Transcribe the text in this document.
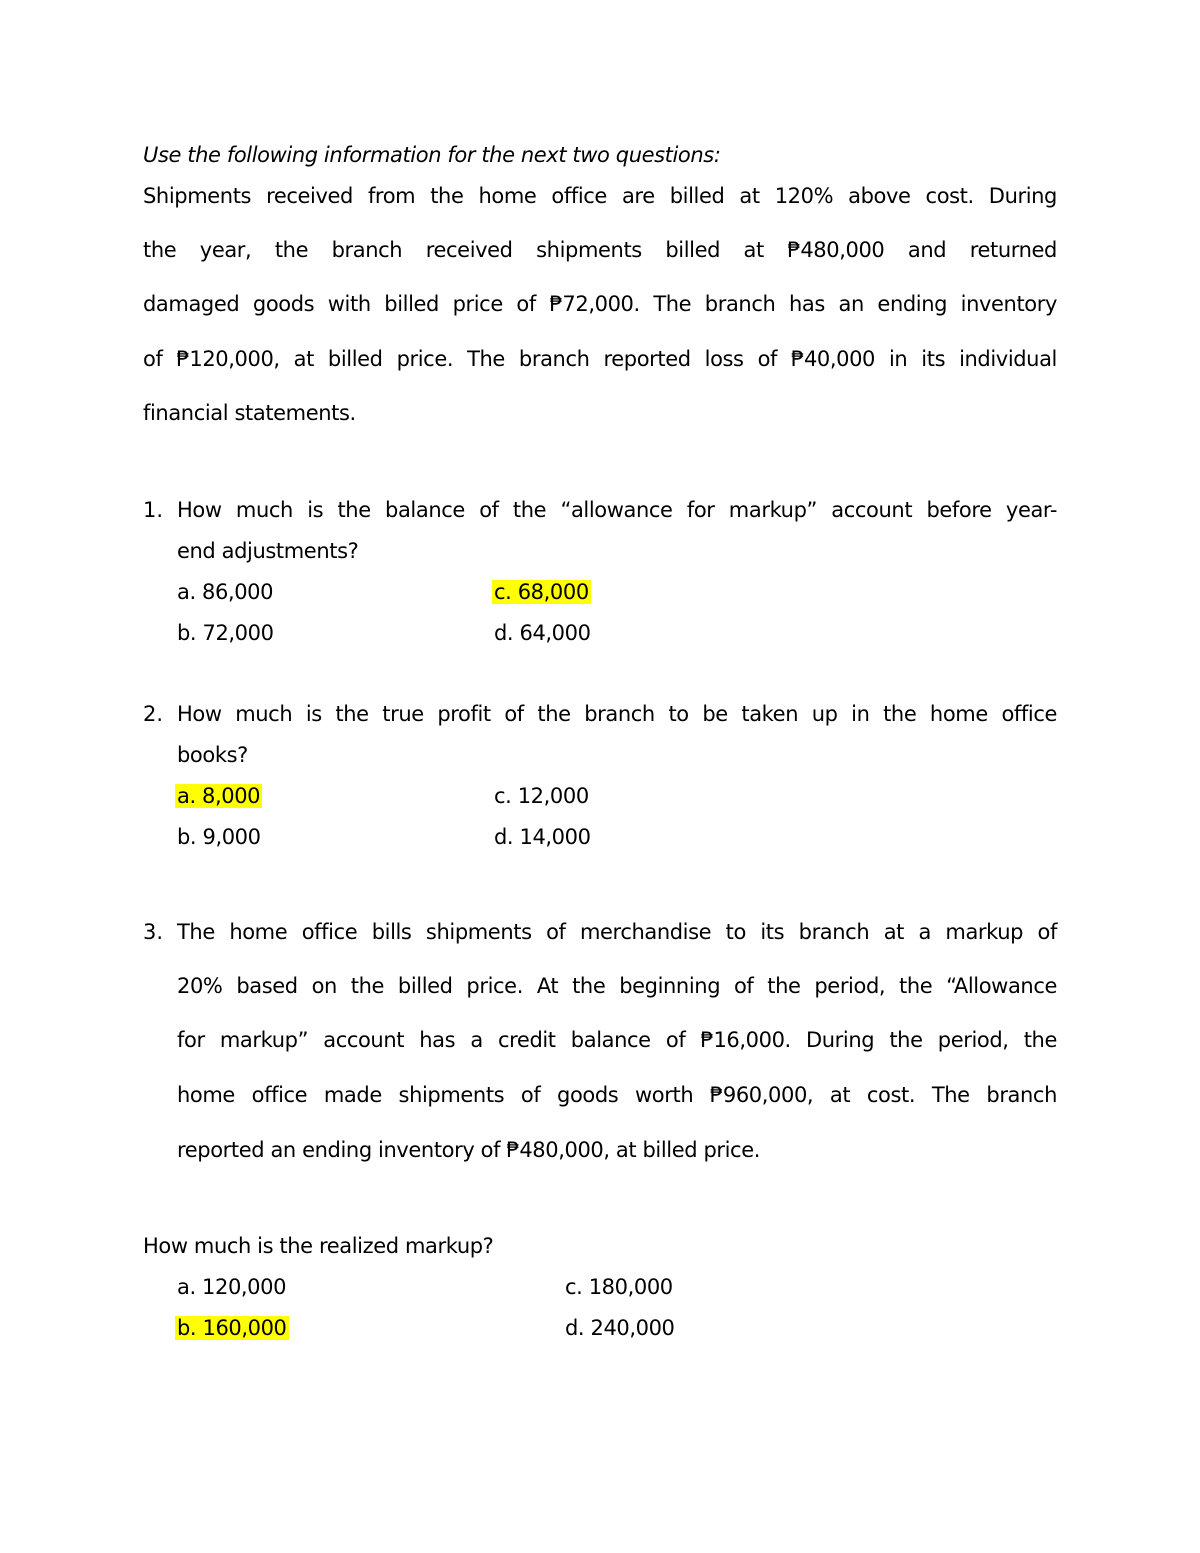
Use the following information for the next two questions:

Shipments received from the home office are billed at 120% above cost. During

the year, the branch received shipments billed at ₱480,000 and returned

damaged goods with billed price of ₱72,000. The branch has an ending inventory

of ₱120,000, at billed price. The branch reported loss of ₱40,000 in its individual

financial statements.

1. How much is the balance of the “allowance for markup” account before year-

end adjustments?

a. 86,000	c. 68,000

b. 72,000	d. 64,000

2. How much is the true profit of the branch to be taken up in the home office

books?

a. 8,000	c. 12,000

b. 9,000	d. 14,000

3. The home office bills shipments of merchandise to its branch at a markup of

20% based on the billed price. At the beginning of the period, the “Allowance

for markup” account has a credit balance of ₱16,000. During the period, the

home office made shipments of goods worth ₱960,000, at cost. The branch

reported an ending inventory of ₱480,000, at billed price.

How much is the realized markup?

a. 120,000	c. 180,000

b. 160,000	d. 240,000
